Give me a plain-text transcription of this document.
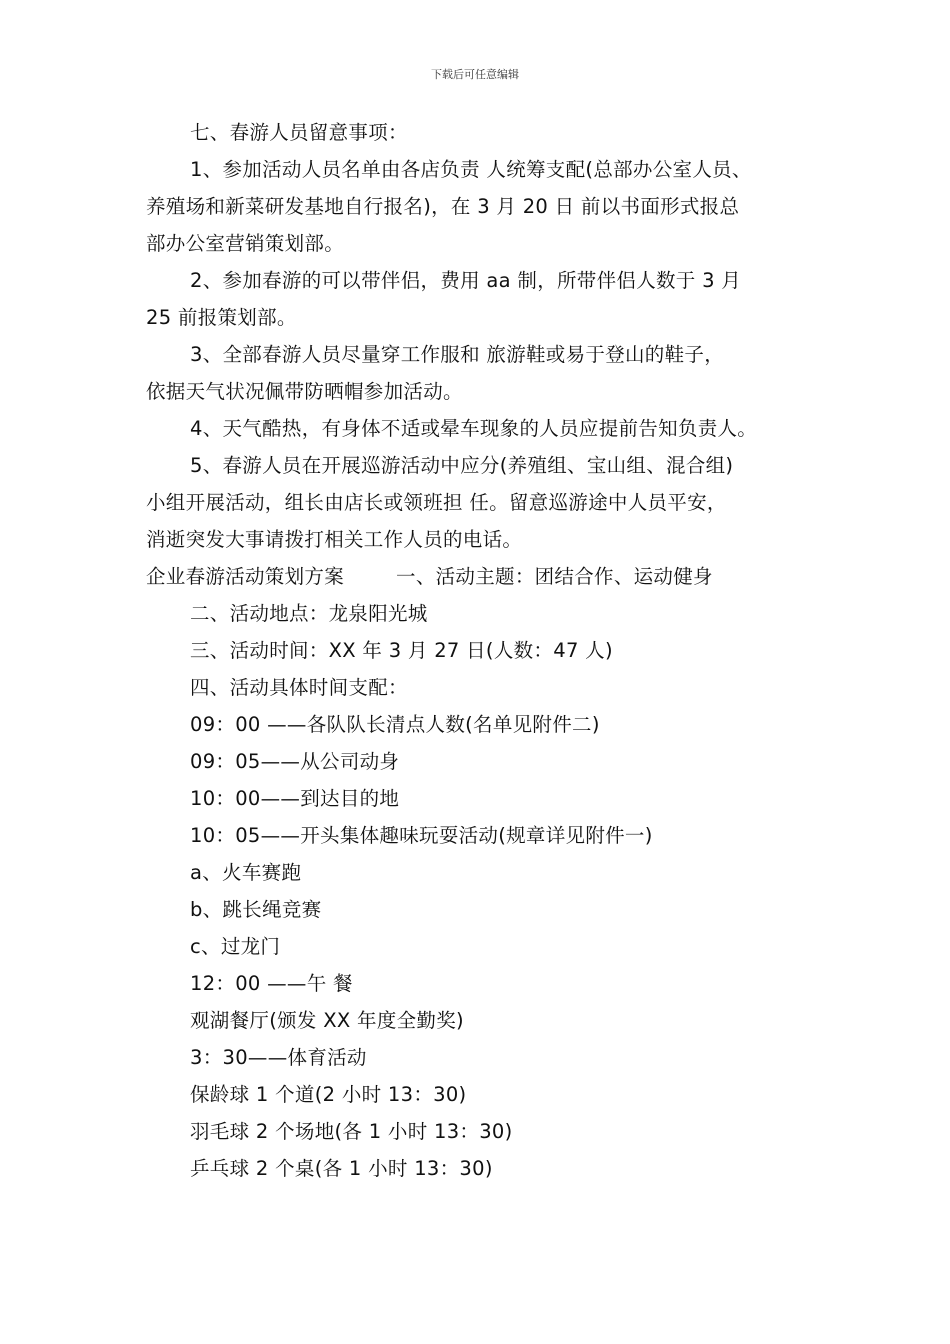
下载后可任意编辑
七、春游人员留意事项：
1、参加活动人员名单由各店负责 人统筹支配(总部办公室人员、
养殖场和新菜研发基地自行报名)，在 3 月 20 日 前以书面形式报总
部办公室营销策划部。
2、参加春游的可以带伴侣，费用 aa 制，所带伴侣人数于 3 月
25 前报策划部。
3、全部春游人员尽量穿工作服和 旅游鞋或易于登山的鞋子，
依据天气状况佩带防晒帽参加活动。
4、天气酷热，有身体不适或晕车现象的人员应提前告知负责人。
5、春游人员在开展巡游活动中应分(养殖组、宝山组、混合组)
小组开展活动，组长由店长或领班担 任。留意巡游途中人员平安，
消逝突发大事请拨打相关工作人员的电话。
企业春游活动策划方案	一、活动主题：团结合作、运动健身
二、活动地点：龙泉阳光城
三、活动时间：XX 年 3 月 27 日(人数：47 人)
四、活动具体时间支配：
09：00 ——各队队长清点人数(名单见附件二)
09：05——从公司动身
10：00——到达目的地
10：05——开头集体趣味玩耍活动(规章详见附件一)
a、火车赛跑
b、跳长绳竞赛
c、过龙门
12：00 ——午 餐
观湖餐厅(颁发 XX 年度全勤奖)
3：30——体育活动
保龄球 1 个道(2 小时 13：30)
羽毛球 2 个场地(各 1 小时 13：30)
乒乓球 2 个桌(各 1 小时 13：30)
